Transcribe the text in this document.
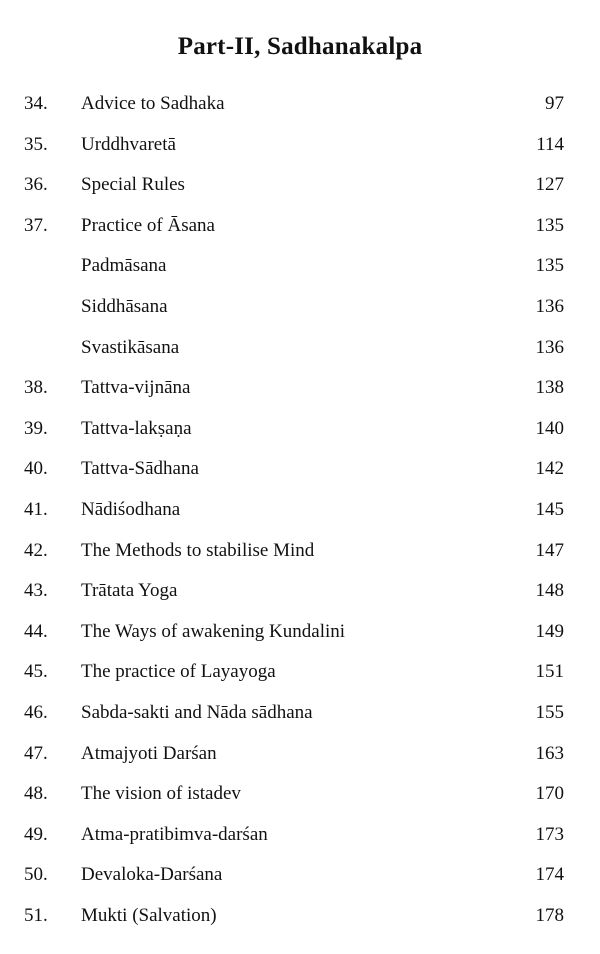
Part-II, Sadhanakalpa
34.	Advice to Sadhaka	97
35.	Urddhvaretā	114
36.	Special Rules	127
37.	Practice of Āsana	135
Padmāsana	135
Siddhāsana	136
Svastikāsana	136
38.	Tattva-vijnāna	138
39.	Tattva-lakṣaṇa	140
40.	Tattva-Sādhana	142
41.	Nādiśodhana	145
42.	The Methods to stabilise Mind	147
43.	Trātata Yoga	148
44.	The Ways of awakening Kundalini	149
45.	The practice of Layayoga	151
46.	Sabda-sakti and Nāda sādhana	155
47.	Atmajyoti Darśan	163
48.	The vision of istadev	170
49.	Atma-pratibimva-darśan	173
50.	Devaloka-Darśana	174
51.	Mukti (Salvation)	178
